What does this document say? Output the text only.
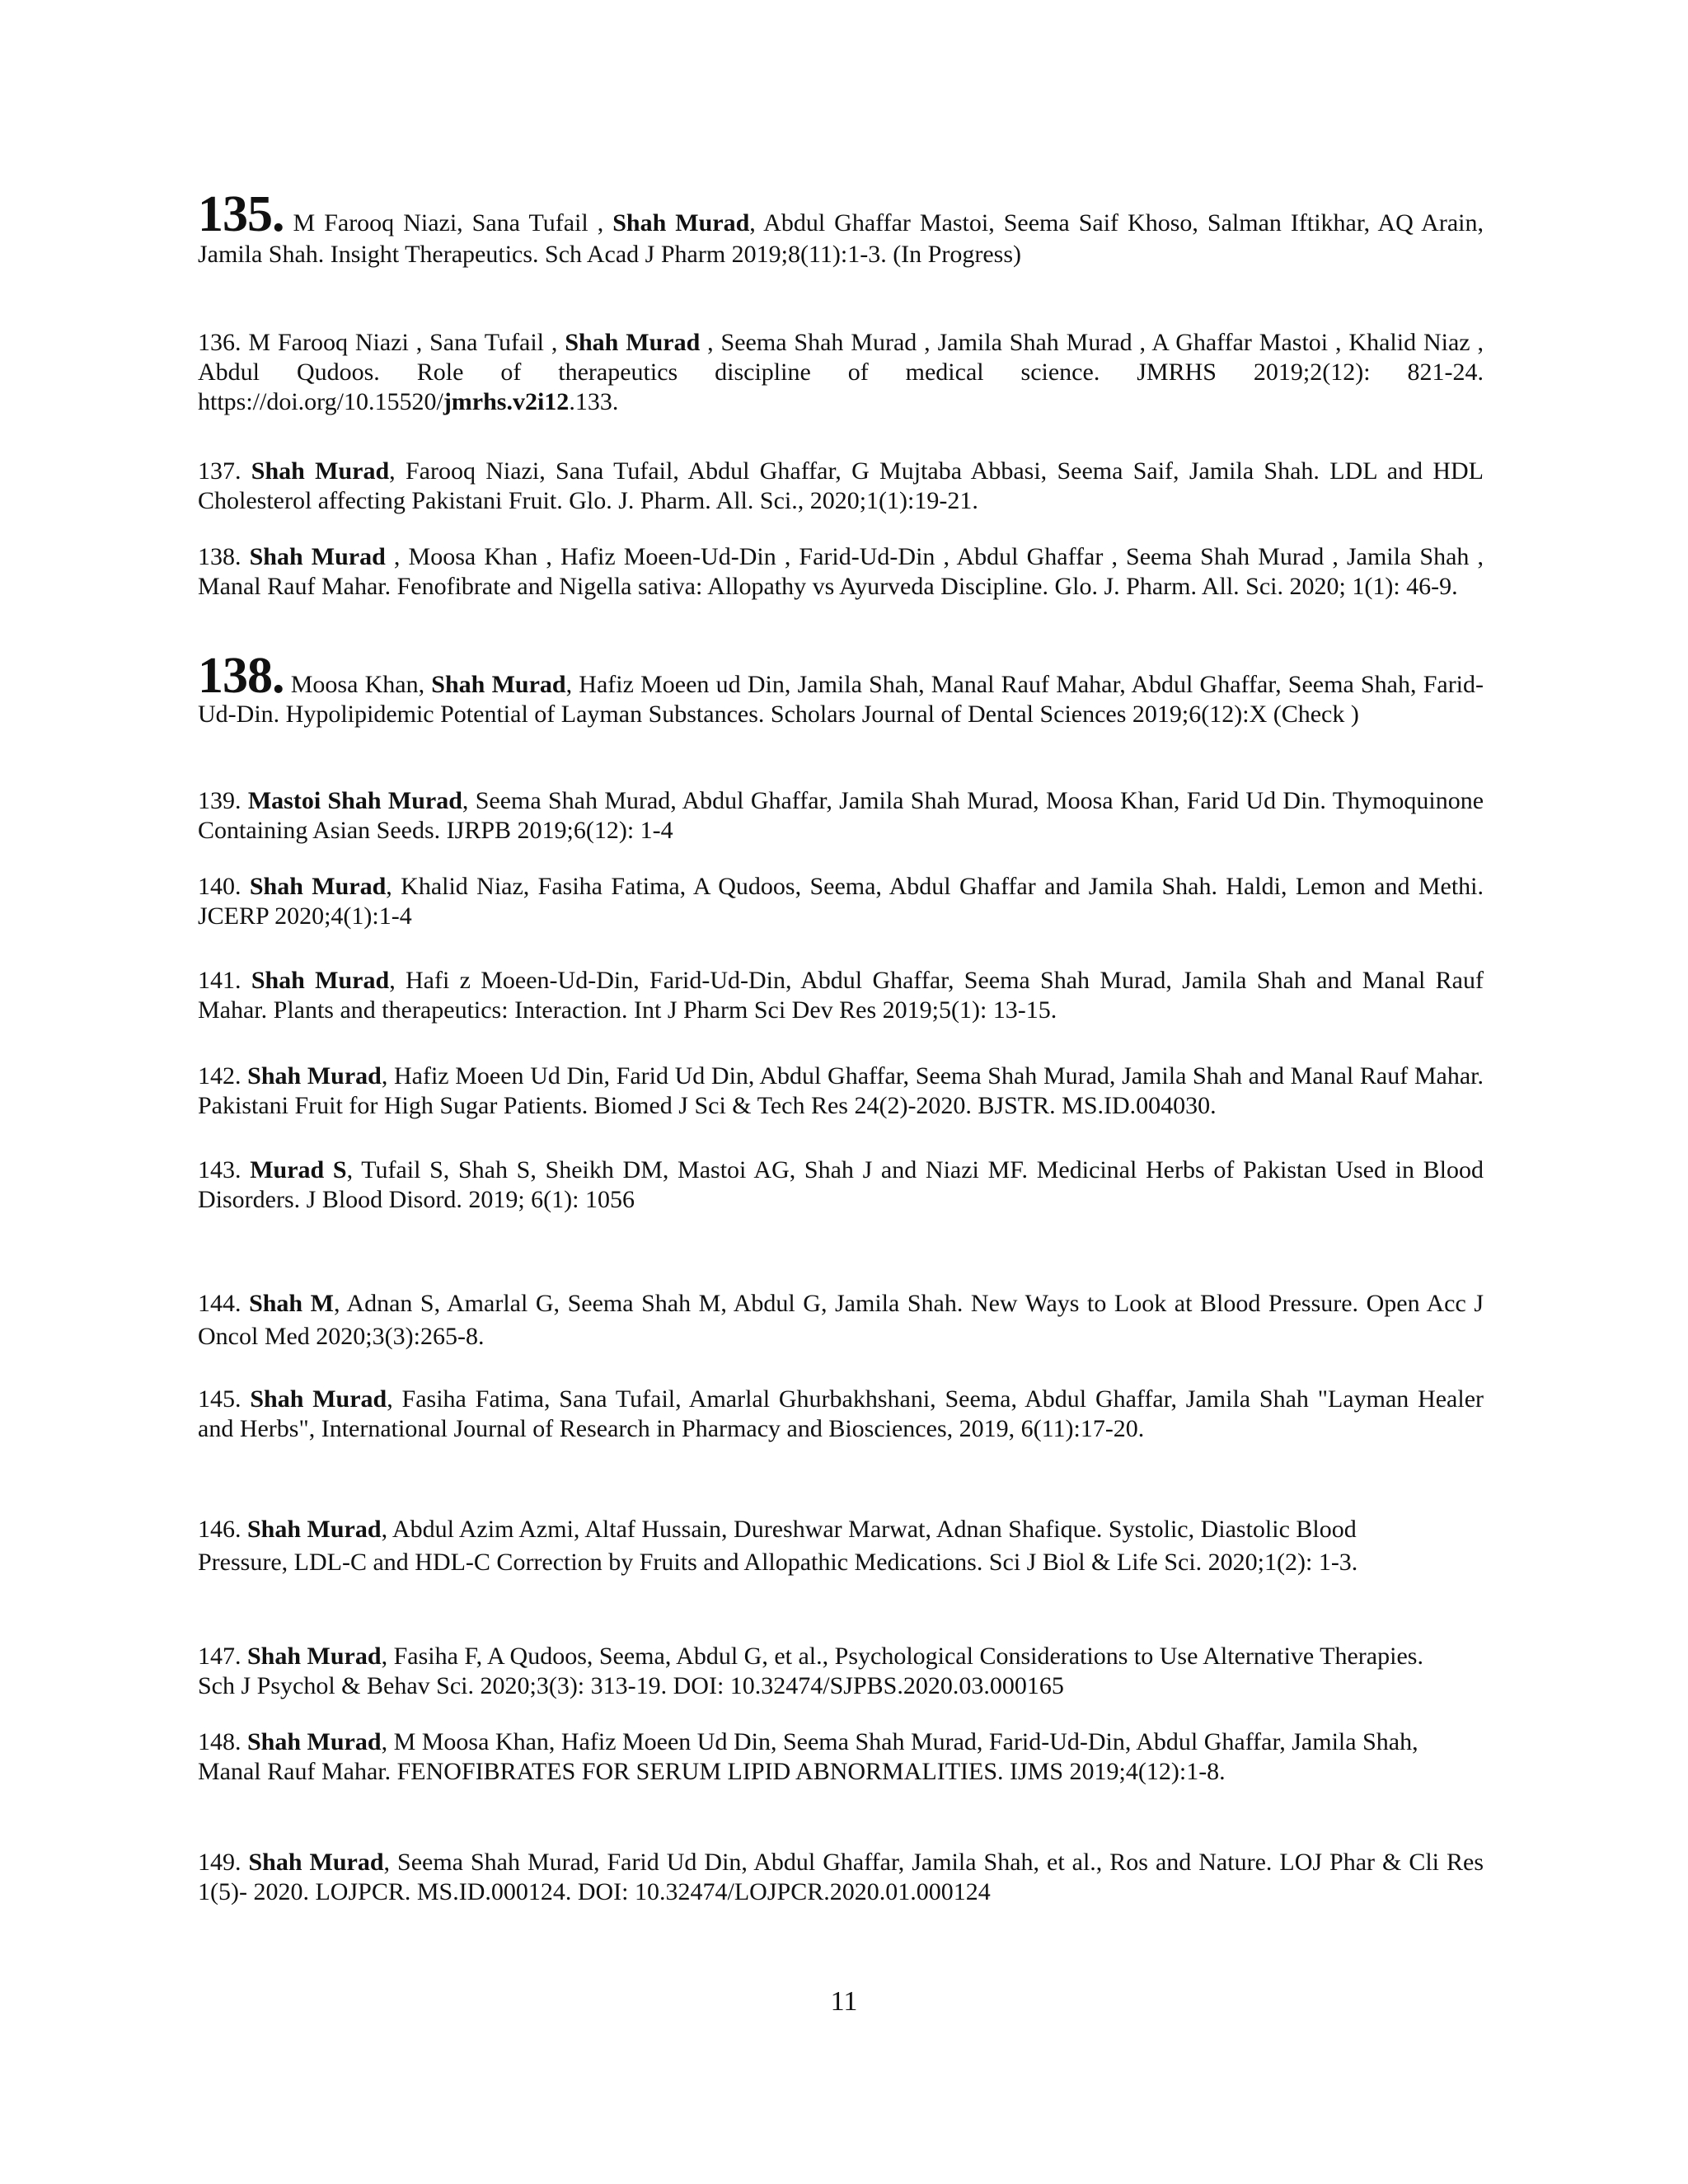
135. M Farooq Niazi, Sana Tufail , Shah Murad, Abdul Ghaffar Mastoi, Seema Saif Khoso, Salman Iftikhar, AQ Arain, Jamila Shah. Insight Therapeutics. Sch Acad J Pharm 2019;8(11):1-3. (In Progress)

136. M Farooq Niazi , Sana Tufail , Shah Murad , Seema Shah Murad , Jamila Shah Murad , A Ghaffar Mastoi , Khalid Niaz , Abdul Qudoos. Role of therapeutics discipline of medical science. JMRHS 2019;2(12): 821-24. https://doi.org/10.15520/jmrhs.v2i12.133.

137. Shah Murad, Farooq Niazi, Sana Tufail, Abdul Ghaffar, G Mujtaba Abbasi, Seema Saif, Jamila Shah. LDL and HDL Cholesterol affecting Pakistani Fruit. Glo. J. Pharm. All. Sci., 2020;1(1):19-21.

138. Shah Murad , Moosa Khan , Hafiz Moeen-Ud-Din , Farid-Ud-Din , Abdul Ghaffar , Seema Shah Murad , Jamila Shah , Manal Rauf Mahar. Fenofibrate and Nigella sativa: Allopathy vs Ayurveda Discipline. Glo. J. Pharm. All. Sci. 2020; 1(1): 46-9.

138. Moosa Khan, Shah Murad, Hafiz Moeen ud Din, Jamila Shah, Manal Rauf Mahar, Abdul Ghaffar, Seema Shah, Farid-Ud-Din. Hypolipidemic Potential of Layman Substances. Scholars Journal of Dental Sciences 2019;6(12):X (Check )

139. Mastoi Shah Murad, Seema Shah Murad, Abdul Ghaffar, Jamila Shah Murad, Moosa Khan, Farid Ud Din. Thymoquinone Containing Asian Seeds. IJRPB 2019;6(12): 1-4

140. Shah Murad, Khalid Niaz, Fasiha Fatima, A Qudoos, Seema, Abdul Ghaffar and Jamila Shah. Haldi, Lemon and Methi. JCERP 2020;4(1):1-4

141. Shah Murad, Hafi z Moeen-Ud-Din, Farid-Ud-Din, Abdul Ghaffar, Seema Shah Murad, Jamila Shah and Manal Rauf Mahar. Plants and therapeutics: Interaction. Int J Pharm Sci Dev Res 2019;5(1): 13-15.

142. Shah Murad, Hafiz Moeen Ud Din, Farid Ud Din, Abdul Ghaffar, Seema Shah Murad, Jamila Shah and Manal Rauf Mahar. Pakistani Fruit for High Sugar Patients. Biomed J Sci & Tech Res 24(2)-2020. BJSTR. MS.ID.004030.

143. Murad S, Tufail S, Shah S, Sheikh DM, Mastoi AG, Shah J and Niazi MF. Medicinal Herbs of Pakistan Used in Blood Disorders. J Blood Disord. 2019; 6(1): 1056

144. Shah M, Adnan S, Amarlal G, Seema Shah M, Abdul G, Jamila Shah. New Ways to Look at Blood Pressure. Open Acc J Oncol Med 2020;3(3):265-8.

145. Shah Murad, Fasiha Fatima, Sana Tufail, Amarlal Ghurbakhshani, Seema, Abdul Ghaffar, Jamila Shah "Layman Healer and Herbs", International Journal of Research in Pharmacy and Biosciences, 2019, 6(11):17-20.

146. Shah Murad, Abdul Azim Azmi, Altaf Hussain, Dureshwar Marwat, Adnan Shafique. Systolic, Diastolic Blood Pressure, LDL-C and HDL-C Correction by Fruits and Allopathic Medications. Sci J Biol & Life Sci. 2020;1(2): 1-3.

147. Shah Murad, Fasiha F, A Qudoos, Seema, Abdul G, et al., Psychological Considerations to Use Alternative Therapies. Sch J Psychol & Behav Sci. 2020;3(3): 313-19. DOI: 10.32474/SJPBS.2020.03.000165

148. Shah Murad, M Moosa Khan, Hafiz Moeen Ud Din, Seema Shah Murad, Farid-Ud-Din, Abdul Ghaffar, Jamila Shah, Manal Rauf Mahar. FENOFIBRATES FOR SERUM LIPID ABNORMALITIES. IJMS 2019;4(12):1-8.

149. Shah Murad, Seema Shah Murad, Farid Ud Din, Abdul Ghaffar, Jamila Shah, et al., Ros and Nature. LOJ Phar & Cli Res 1(5)- 2020. LOJPCR. MS.ID.000124. DOI: 10.32474/LOJPCR.2020.01.000124

11
